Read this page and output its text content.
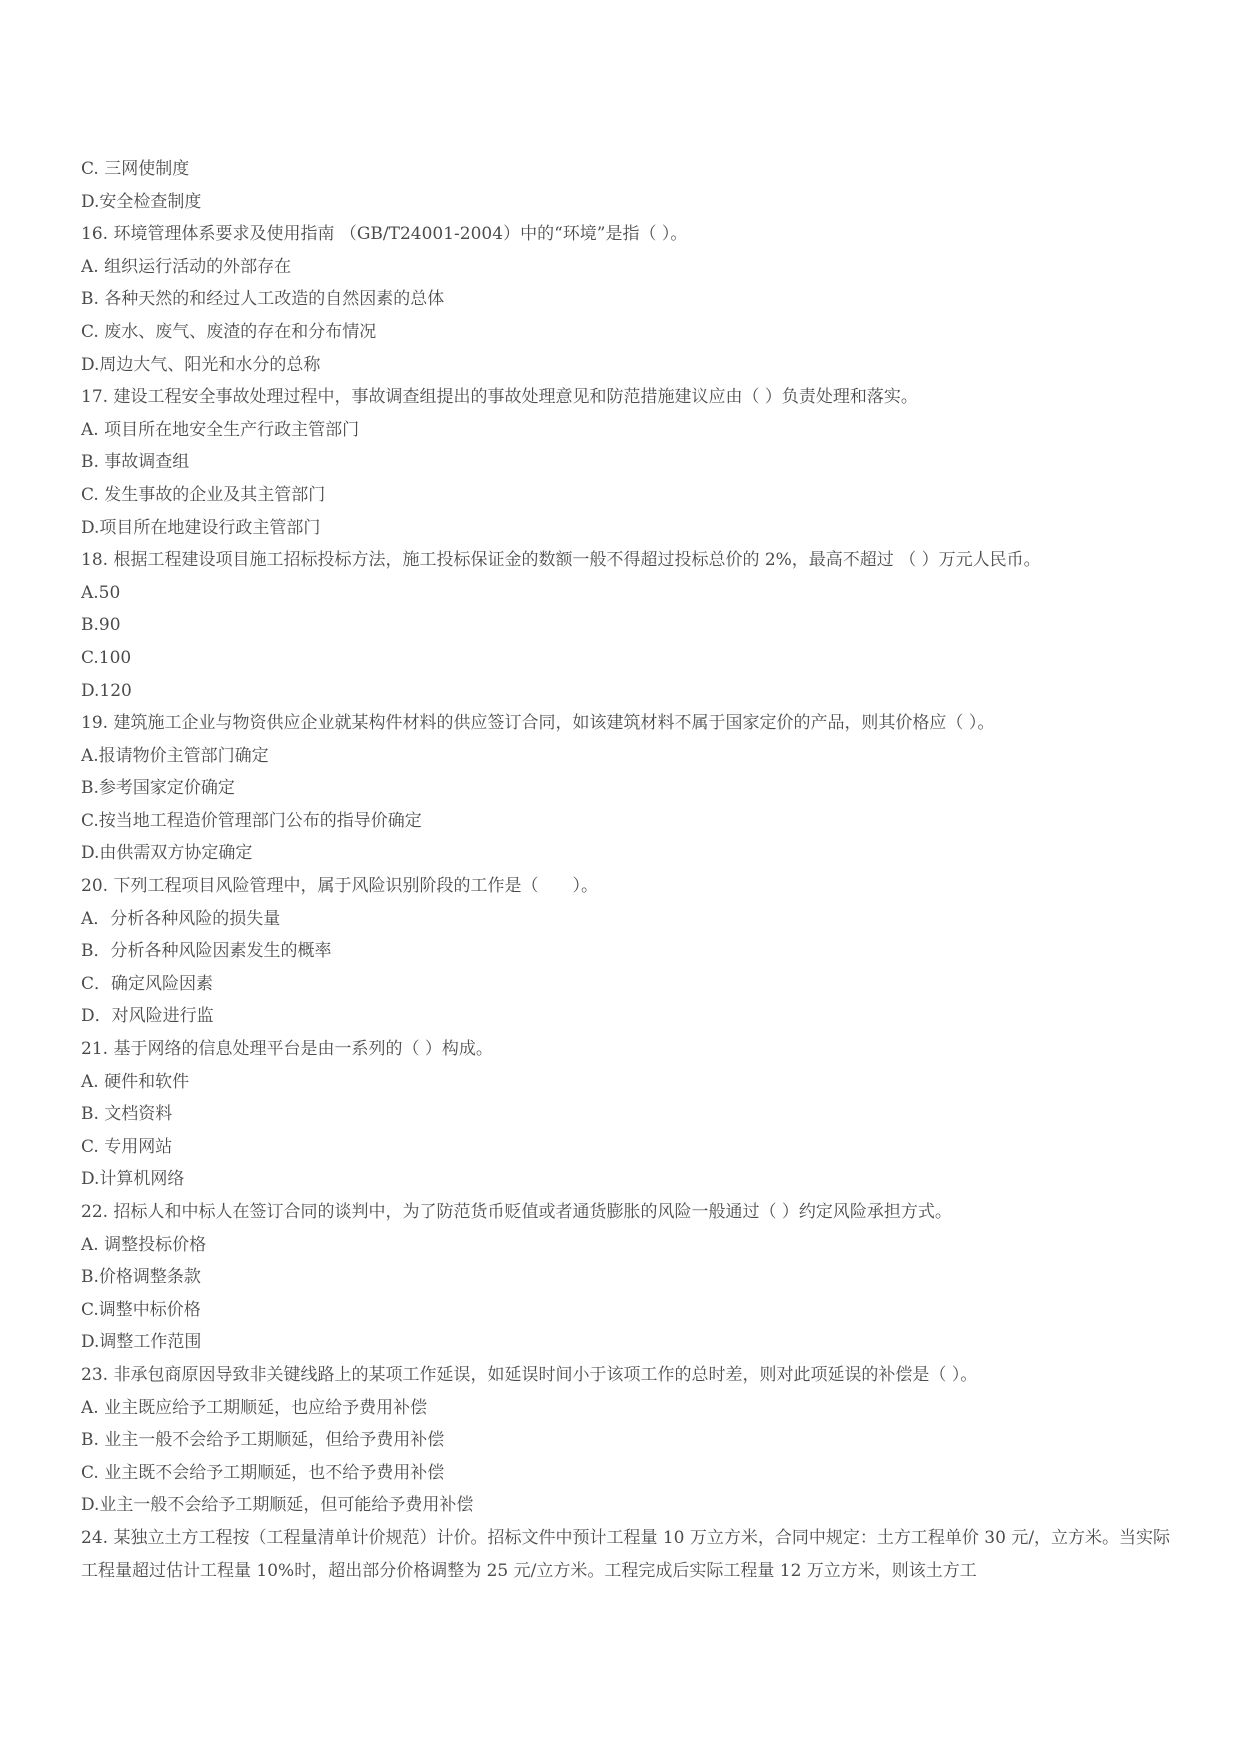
C. 三网使制度
D.安全检查制度
16. 环境管理体系要求及使用指南 （GB/T24001-2004）中的“环境”是指（ ）。
A. 组织运行活动的外部存在
B. 各种天然的和经过人工改造的自然因素的总体
C. 废水、废气、废渣的存在和分布情况
D.周边大气、阳光和水分的总称
17. 建设工程安全事故处理过程中，事故调查组提出的事故处理意见和防范措施建议应由（ ）负责处理和落实。
A. 项目所在地安全生产行政主管部门
B. 事故调查组
C. 发生事故的企业及其主管部门
D.项目所在地建设行政主管部门
18. 根据工程建设项目施工招标投标方法，施工投标保证金的数额一般不得超过投标总价的 2%，最高不超过 （ ）万元人民币。
A.50
B.90
C.100
D.120
19. 建筑施工企业与物资供应企业就某构件材料的供应签订合同，如该建筑材料不属于国家定价的产品，则其价格应（ ）。
A.报请物价主管部门确定
B.参考国家定价确定
C.按当地工程造价管理部门公布的指导价确定
D.由供需双方协定确定
20. 下列工程项目风险管理中，属于风险识别阶段的工作是（　　）。
A．分析各种风险的损失量
B．分析各种风险因素发生的概率
C．确定风险因素
D．对风险进行监
21. 基于网络的信息处理平台是由一系列的（ ）构成。
A. 硬件和软件
B. 文档资料
C. 专用网站
D.计算机网络
22. 招标人和中标人在签订合同的谈判中，为了防范货币贬值或者通货膨胀的风险一般通过（ ）约定风险承担方式。
A. 调整投标价格
B.价格调整条款
C.调整中标价格
D.调整工作范围
23. 非承包商原因导致非关键线路上的某项工作延误，如延误时间小于该项工作的总时差，则对此项延误的补偿是（ ）。
A. 业主既应给予工期顺延，也应给予费用补偿
B. 业主一般不会给予工期顺延，但给予费用补偿
C. 业主既不会给予工期顺延，也不给予费用补偿
D.业主一般不会给予工期顺延，但可能给予费用补偿
24. 某独立土方工程按（工程量清单计价规范）计价。招标文件中预计工程量 10 万立方米，合同中规定：土方工程单价 30 元/，立方米。当实际工程量超过估计工程量 10%时，超出部分价格调整为 25 元/立方米。工程完成后实际工程量 12 万立方米，则该土方工
